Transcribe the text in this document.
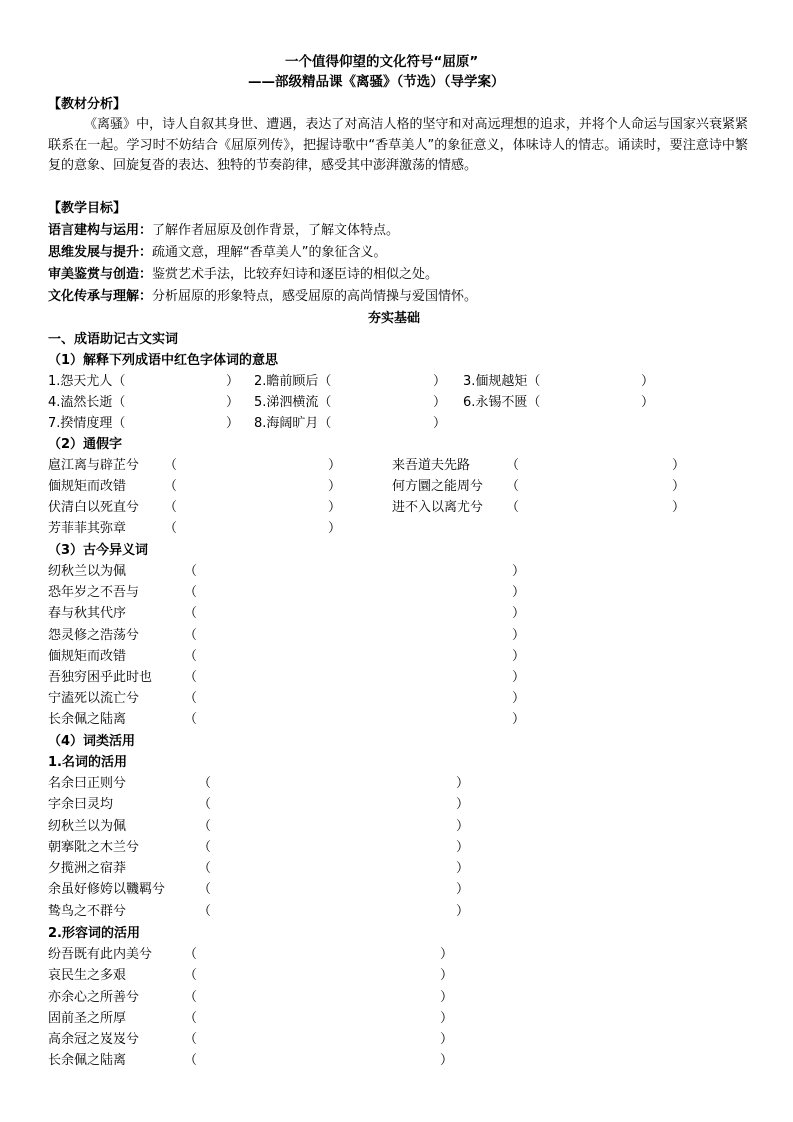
一个值得仰望的文化符号“屈原”
——部级精品课《离骚》（节选）（导学案）
【教材分析】
《离骚》中，诗人自叙其身世、遭遇，表达了对高洁人格的坚守和对高远理想的追求，并将个人命运与国家兴衰紧紧联系在一起。学习时不妨结合《屈原列传》，把握诗歌中“香草美人”的象征意义，体味诗人的情志。诵读时，要注意诗中繁复的意象、回旋复沓的表达、独特的节奏韵律，感受其中澎湃激荡的情感。
【教学目标】
语言建构与运用：了解作者屈原及创作背景，了解文体特点。
思维发展与提升：疏通文意，理解“香草美人”的象征含义。
审美鉴赏与创造：鉴赏艺术手法，比较弃妇诗和逐臣诗的相似之处。
文化传承与理解：分析屈原的形象特点，感受屈原的高尚情操与爱国情怀。
夯实基础
一、成语助记古文实词
（1）解释下列成语中红色字体词的意思
1.怨天尤人（	） 2.瞻前顾后（	） 3.偭规越矩（	）
4.溘然长逝（	） 5.涕泗横流（	） 6.永锡不匮（	）
7.揆情度理（	） 8.海阔旷月（	）
（2）通假字
扈江离与辟芷兮 （	）
偭规矩而改错	（	）
伏清白以死直兮 （	）
芳菲菲其弥章	（	）
来吾道夫先路	（	）
何方圜之能周兮 （	）
进不入以离尤兮 （	）
（3）古今异义词
纫秋兰以为佩	（	）
恐年岁之不吾与	（	）
春与秋其代序	（	）
怨灵修之浩荡兮	（	）
偭规矩而改错	（	）
吾独穷困乎此时也 （	）
宁溘死以流亡兮	（	）
长余佩之陆离	（	）
（4）词类活用
1.名词的活用
名余曰正则兮	（	）
字余曰灵均	（	）
纫秋兰以为佩	（	）
朝搴阰之木兰兮	（	）
夕揽洲之宿莽	（	）
余虽好修姱以鞿羁兮	（	）
鸷鸟之不群兮	（	）
2.形容词的活用
纷吾既有此内美兮 （	）
哀民生之多艰	（	）
亦余心之所善兮	（	）
固前圣之所厚	（	）
高余冠之岌岌兮	（	）
长余佩之陆离	（	）
